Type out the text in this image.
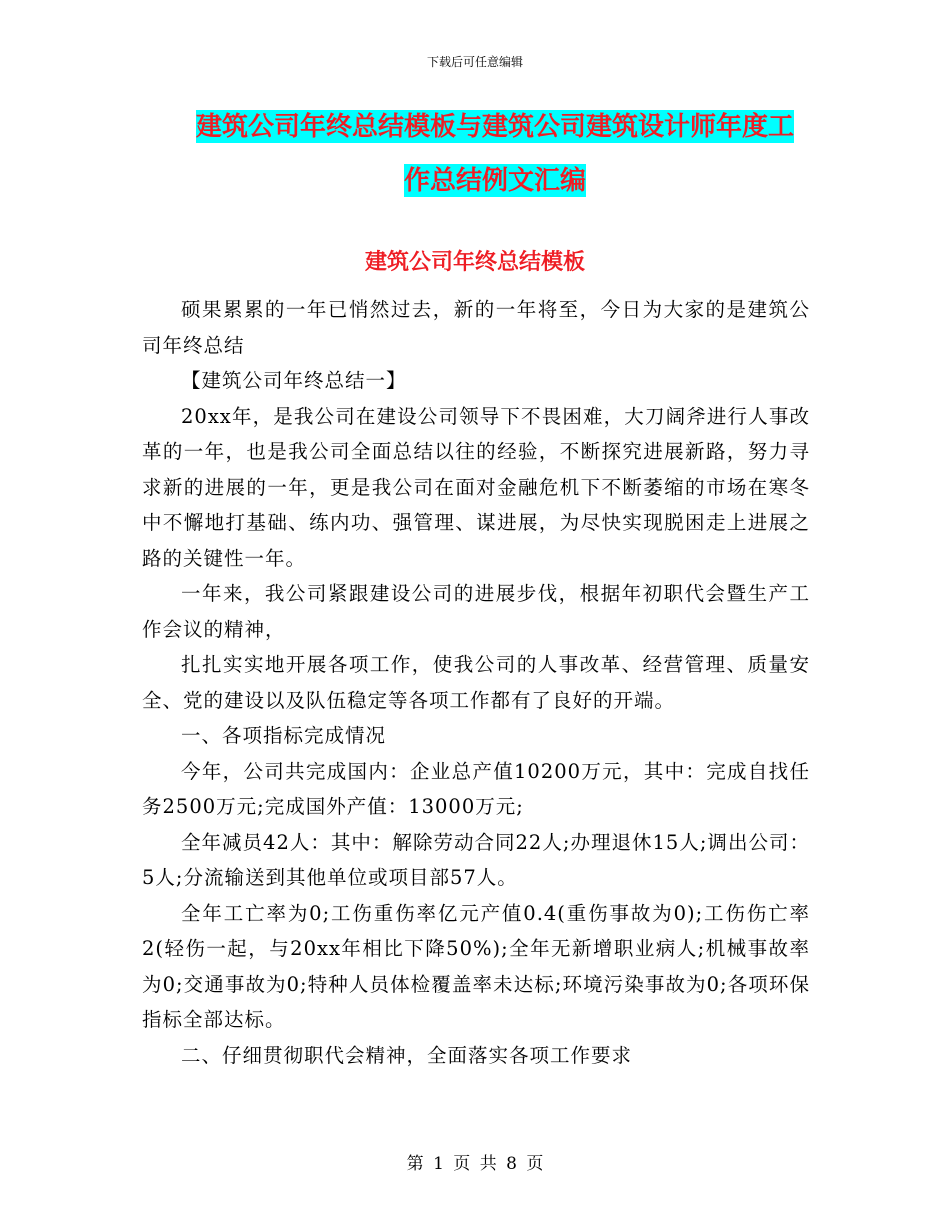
下载后可任意编辑
建筑公司年终总结模板与建筑公司建筑设计师年度工
作总结例文汇编
建筑公司年终总结模板

硕果累累的一年已悄然过去，新的一年将至，今日为大家的是建筑公司年终总结

【建筑公司年终总结一】

20xx年，是我公司在建设公司领导下不畏困难，大刀阔斧进行人事改革的一年，也是我公司全面总结以往的经验，不断探究进展新路，努力寻求新的进展的一年，更是我公司在面对金融危机下不断萎缩的市场在寒冬中不懈地打基础、练内功、强管理、谋进展，为尽快实现脱困走上进展之路的关键性一年。

一年来，我公司紧跟建设公司的进展步伐，根据年初职代会暨生产工作会议的精神，

扎扎实实地开展各项工作，使我公司的人事改革、经营管理、质量安全、党的建设以及队伍稳定等各项工作都有了良好的开端。

一、各项指标完成情况

今年，公司共完成国内：企业总产值10200万元，其中：完成自找任务2500万元;完成国外产值：13000万元;

全年减员42人：其中：解除劳动合同22人;办理退休15人;调出公司：5人;分流输送到其他单位或项目部57人。

全年工亡率为0;工伤重伤率亿元产值0.4(重伤事故为0);工伤伤亡率2(轻伤一起，与20xx年相比下降50%);全年无新增职业病人;机械事故率为0;交通事故为0;特种人员体检覆盖率未达标;环境污染事故为0;各项环保指标全部达标。

二、仔细贯彻职代会精神，全面落实各项工作要求

第 1 页 共 8 页
